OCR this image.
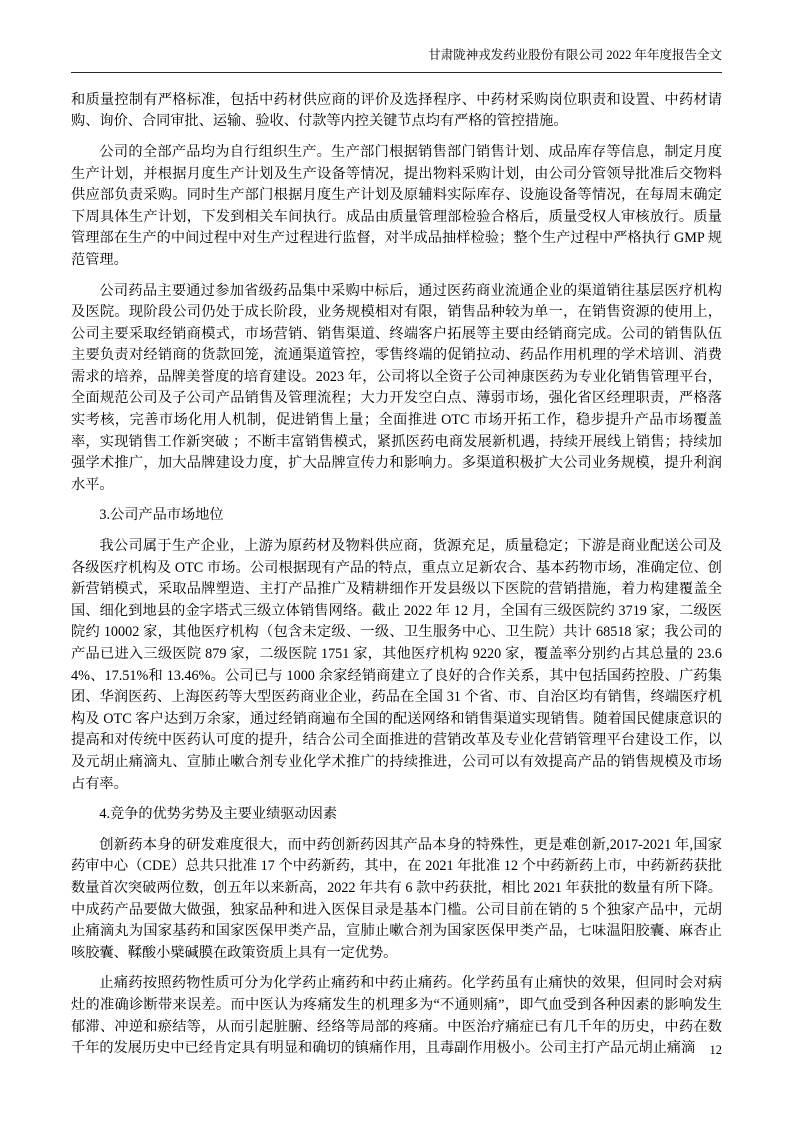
甘肃陇神戎发药业股份有限公司 2022 年年度报告全文

和质量控制有严格标准，包括中药材供应商的评价及选择程序、中药材采购岗位职责和设置、中药材请购、询价、合同审批、运输、验收、付款等内控关键节点均有严格的管控措施。

公司的全部产品均为自行组织生产。生产部门根据销售部门销售计划、成品库存等信息，制定月度生产计划，并根据月度生产计划及生产设备等情况，提出物料采购计划，由公司分管领导批准后交物料供应部负责采购。同时生产部门根据月度生产计划及原辅料实际库存、设施设备等情况，在每周末确定下周具体生产计划，下发到相关车间执行。成品由质量管理部检验合格后，质量受权人审核放行。质量管理部在生产的中间过程中对生产过程进行监督，对半成品抽样检验；整个生产过程中严格执行 GMP 规范管理。

公司药品主要通过参加省级药品集中采购中标后，通过医药商业流通企业的渠道销往基层医疗机构及医院。现阶段公司仍处于成长阶段，业务规模相对有限，销售品种较为单一，在销售资源的使用上，公司主要采取经销商模式，市场营销、销售渠道、终端客户拓展等主要由经销商完成。公司的销售队伍主要负责对经销商的货款回笼，流通渠道管控，零售终端的促销拉动、药品作用机理的学术培训、消费需求的培养，品牌美誉度的培育建设。2023 年，公司将以全资子公司神康医药为专业化销售管理平台，全面规范公司及子公司产品销售及管理流程；大力开发空白点、薄弱市场，强化省区经理职责，严格落实考核，完善市场化用人机制，促进销售上量；全面推进 OTC 市场开拓工作，稳步提升产品市场覆盖率，实现销售工作新突破 ；不断丰富销售模式，紧抓医药电商发展新机遇，持续开展线上销售；持续加强学术推广，加大品牌建设力度，扩大品牌宣传力和影响力。多渠道积极扩大公司业务规模，提升利润水平。

3.公司产品市场地位

我公司属于生产企业，上游为原药材及物料供应商，货源充足，质量稳定；下游是商业配送公司及各级医疗机构及 OTC 市场。公司根据现有产品的特点，重点立足新农合、基本药物市场，准确定位、创新营销模式，采取品牌塑造、主打产品推广及精耕细作开发县级以下医院的营销措施，着力构建覆盖全国、细化到地县的金字塔式三级立体销售网络。截止 2022 年 12 月，全国有三级医院约 3719 家，二级医院约 10002 家，其他医疗机构（包含未定级、一级、卫生服务中心、卫生院）共计 68518 家；我公司的产品已进入三级医院 879 家，二级医院 1751 家，其他医疗机构 9220 家，覆盖率分别约占其总量的 23.64%、17.51%和 13.46%。公司已与 1000 余家经销商建立了良好的合作关系，其中包括国药控股、广药集团、华润医药、上海医药等大型医药商业企业，药品在全国 31 个省、市、自治区均有销售，终端医疗机构及 OTC 客户达到万余家，通过经销商遍布全国的配送网络和销售渠道实现销售。随着国民健康意识的提高和对传统中医药认可度的提升，结合公司全面推进的营销改革及专业化营销管理平台建设工作，以及元胡止痛滴丸、宣肺止嗽合剂专业化学术推广的持续推进，公司可以有效提高产品的销售规模及市场占有率。

4.竞争的优势劣势及主要业绩驱动因素

创新药本身的研发难度很大，而中药创新药因其产品本身的特殊性，更是难创新,2017-2021 年,国家药审中心（CDE）总共只批准 17 个中药新药，其中，在 2021 年批准 12 个中药新药上市，中药新药获批数量首次突破两位数，创五年以来新高，2022 年共有 6 款中药获批，相比 2021 年获批的数量有所下降。中成药产品要做大做强，独家品种和进入医保目录是基本门槛。公司目前在销的 5 个独家产品中，元胡止痛滴丸为国家基药和国家医保甲类产品，宣肺止嗽合剂为国家医保甲类产品，七味温阳胶囊、麻杏止咳胶囊、鞣酸小檗碱膜在政策资质上具有一定优势。

止痛药按照药物性质可分为化学药止痛药和中药止痛药。化学药虽有止痛快的效果，但同时会对病灶的准确诊断带来误差。而中医认为疼痛发生的机理多为“不通则痛”，即气血受到各种因素的影响发生郁滞、冲逆和瘀结等，从而引起脏腑、经络等局部的疼痛。中医治疗痛症已有几千年的历史，中药在数千年的发展历史中已经肯定具有明显和确切的镇痛作用，且毒副作用极小。公司主打产品元胡止痛滴	12
